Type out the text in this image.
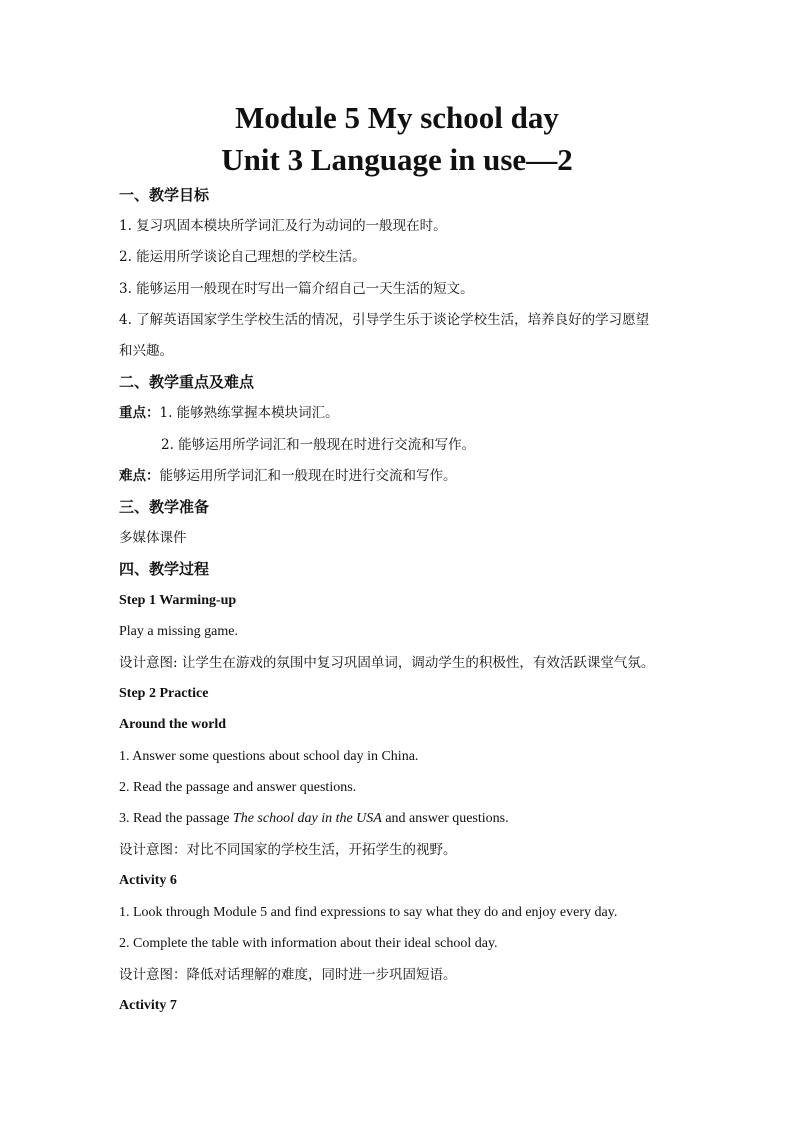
Module 5 My school day
Unit 3 Language in use—2
一、教学目标
1. 复习巩固本模块所学词汇及行为动词的一般现在时。
2. 能运用所学谈论自己理想的学校生活。
3. 能够运用一般现在时写出一篇介绍自己一天生活的短文。
4. 了解英语国家学生学校生活的情况，引导学生乐于谈论学校生活，培养良好的学习愿望
和兴趣。
二、教学重点及难点
重点：1. 能够熟练掌握本模块词汇。
2. 能够运用所学词汇和一般现在时进行交流和写作。
难点：能够运用所学词汇和一般现在时进行交流和写作。
三、教学准备
多媒体课件
四、教学过程
Step 1 Warming-up
Play a missing game.
设计意图: 让学生在游戏的氛围中复习巩固单词，调动学生的积极性，有效活跃课堂气氛。
Step 2 Practice
Around the world
1. Answer some questions about school day in China.
2. Read the passage and answer questions.
3. Read the passage The school day in the USA and answer questions.
设计意图：对比不同国家的学校生活，开拓学生的视野。
Activity 6
1. Look through Module 5 and find expressions to say what they do and enjoy every day.
2. Complete the table with information about their ideal school day.
设计意图：降低对话理解的难度，同时进一步巩固短语。
Activity 7
